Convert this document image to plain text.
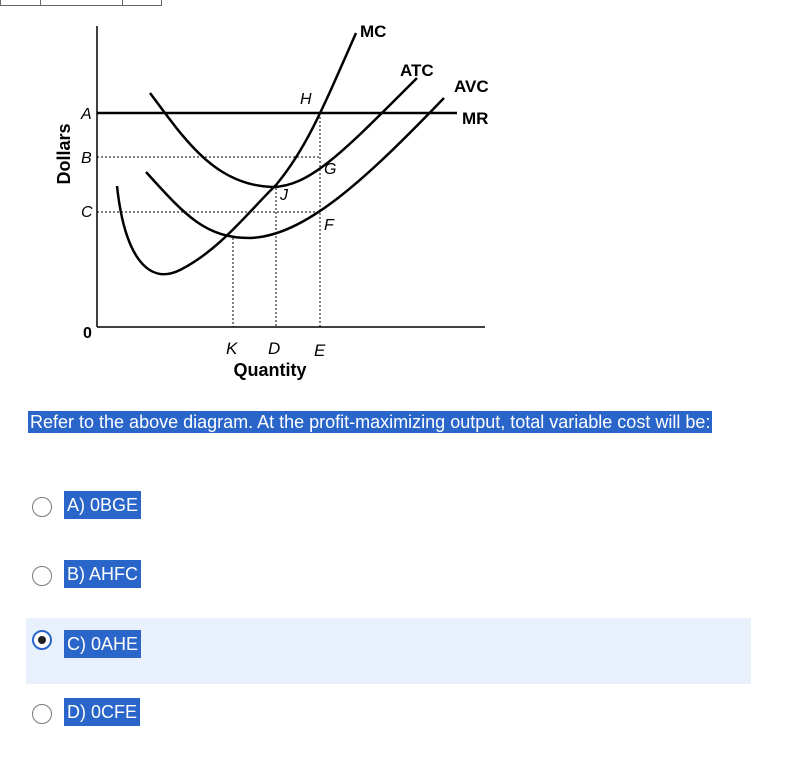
Dollars
A
B
C
0
K D E
Quantity
MC
ATC
AVC
MR
H
G
J
F
Refer to the above diagram. At the profit-maximizing output, total variable cost will be:
A) 0BGE
B) AHFC
C) 0AHE
D) 0CFE
